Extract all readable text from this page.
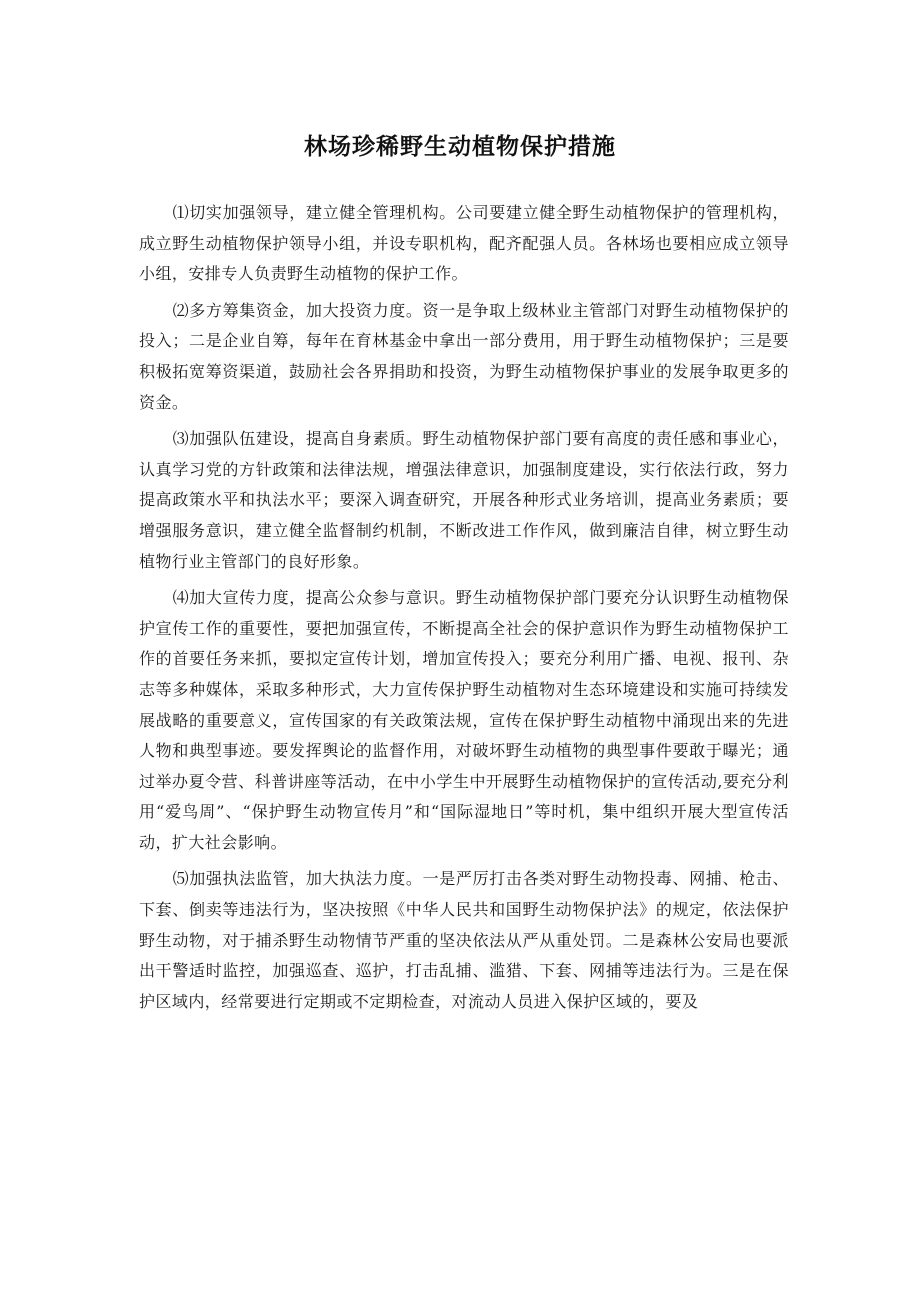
林场珍稀野生动植物保护措施

⑴切实加强领导，建立健全管理机构。公司要建立健全野生动植物保护的管理机构，成立野生动植物保护领导小组，并设专职机构，配齐配强人员。各林场也要相应成立领导小组，安排专人负责野生动植物的保护工作。

⑵多方筹集资金，加大投资力度。资一是争取上级林业主管部门对野生动植物保护的投入；二是企业自筹，每年在育林基金中拿出一部分费用，用于野生动植物保护；三是要积极拓宽筹资渠道，鼓励社会各界捐助和投资，为野生动植物保护事业的发展争取更多的资金。

⑶加强队伍建设，提高自身素质。野生动植物保护部门要有高度的责任感和事业心，认真学习党的方针政策和法律法规，增强法律意识，加强制度建设，实行依法行政，努力提高政策水平和执法水平；要深入调查研究，开展各种形式业务培训，提高业务素质；要增强服务意识，建立健全监督制约机制，不断改进工作作风，做到廉洁自律，树立野生动植物行业主管部门的良好形象。

⑷加大宣传力度，提高公众参与意识。野生动植物保护部门要充分认识野生动植物保护宣传工作的重要性，要把加强宣传，不断提高全社会的保护意识作为野生动植物保护工作的首要任务来抓，要拟定宣传计划，增加宣传投入；要充分利用广播、电视、报刊、杂志等多种媒体，采取多种形式，大力宣传保护野生动植物对生态环境建设和实施可持续发展战略的重要意义，宣传国家的有关政策法规，宣传在保护野生动植物中涌现出来的先进人物和典型事迹。要发挥舆论的监督作用，对破坏野生动植物的典型事件要敢于曝光；通过举办夏令营、科普讲座等活动，在中小学生中开展野生动植物保护的宣传活动,要充分利用“爱鸟周”、“保护野生动物宣传月”和“国际湿地日”等时机，集中组织开展大型宣传活动，扩大社会影响。

⑸加强执法监管，加大执法力度。一是严厉打击各类对野生动物投毒、网捕、枪击、下套、倒卖等违法行为，坚决按照《中华人民共和国野生动物保护法》的规定，依法保护野生动物，对于捕杀野生动物情节严重的坚决依法从严从重处罚。二是森林公安局也要派出干警适时监控，加强巡查、巡护，打击乱捕、滥猎、下套、网捕等违法行为。三是在保护区域内，经常要进行定期或不定期检查，对流动人员进入保护区域的，要及
